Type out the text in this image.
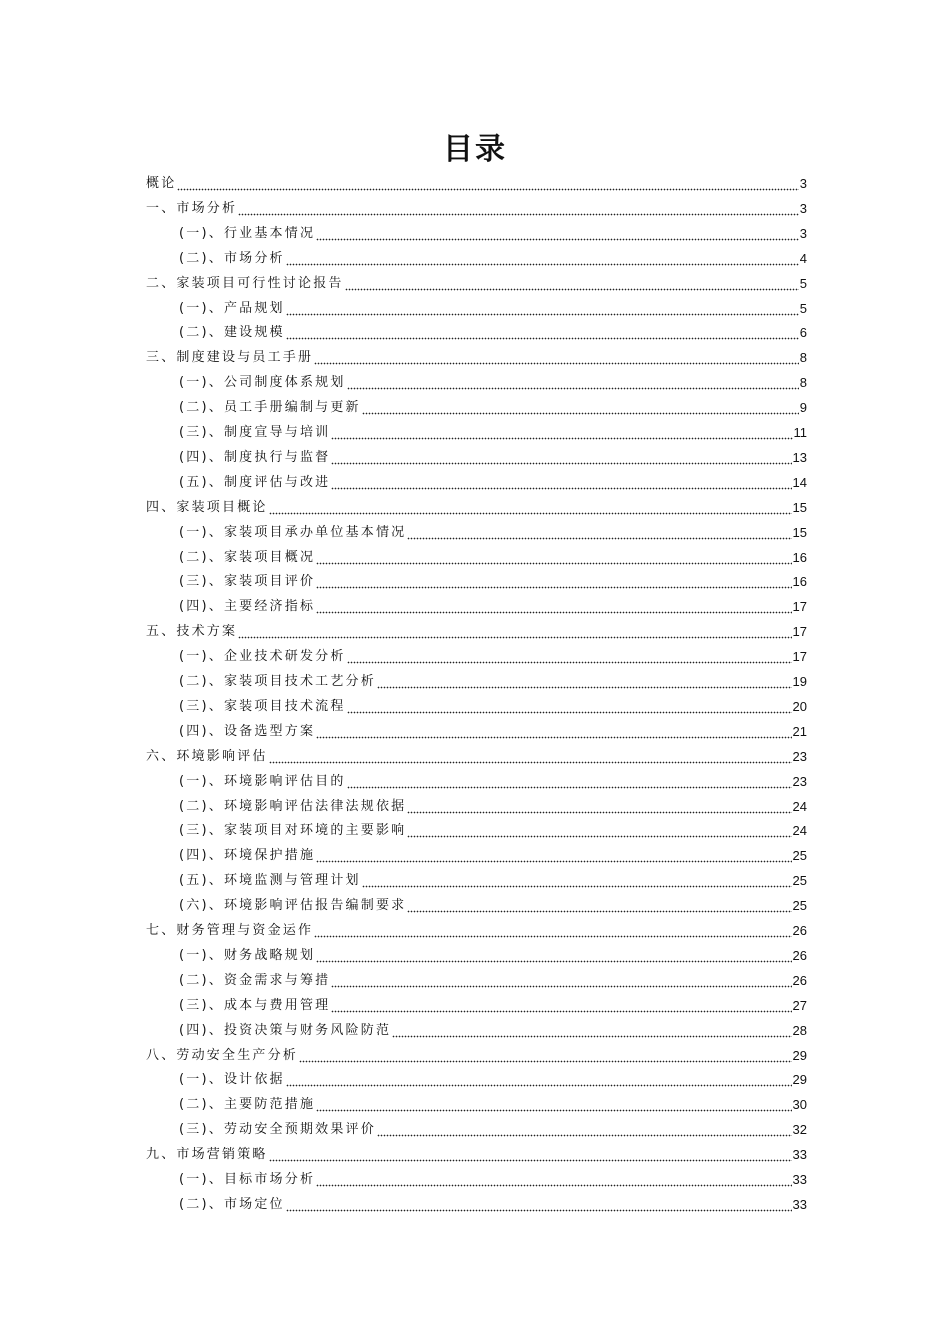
目录
概论	3
一、市场分析	3
(一)、行业基本情况	3
(二)、市场分析	4
二、家装项目可行性讨论报告	5
(一)、产品规划	5
(二)、建设规模	6
三、制度建设与员工手册	8
(一)、公司制度体系规划	8
(二)、员工手册编制与更新	9
(三)、制度宣导与培训	11
(四)、制度执行与监督	13
(五)、制度评估与改进	14
四、家装项目概论	15
(一)、家装项目承办单位基本情况	15
(二)、家装项目概况	16
(三)、家装项目评价	16
(四)、主要经济指标	17
五、技术方案	17
(一)、企业技术研发分析	17
(二)、家装项目技术工艺分析	19
(三)、家装项目技术流程	20
(四)、设备选型方案	21
六、环境影响评估	23
(一)、环境影响评估目的	23
(二)、环境影响评估法律法规依据	24
(三)、家装项目对环境的主要影响	24
(四)、环境保护措施	25
(五)、环境监测与管理计划	25
(六)、环境影响评估报告编制要求	25
七、财务管理与资金运作	26
(一)、财务战略规划	26
(二)、资金需求与筹措	26
(三)、成本与费用管理	27
(四)、投资决策与财务风险防范	28
八、劳动安全生产分析	29
(一)、设计依据	29
(二)、主要防范措施	30
(三)、劳动安全预期效果评价	32
九、市场营销策略	33
(一)、目标市场分析	33
(二)、市场定位	33
